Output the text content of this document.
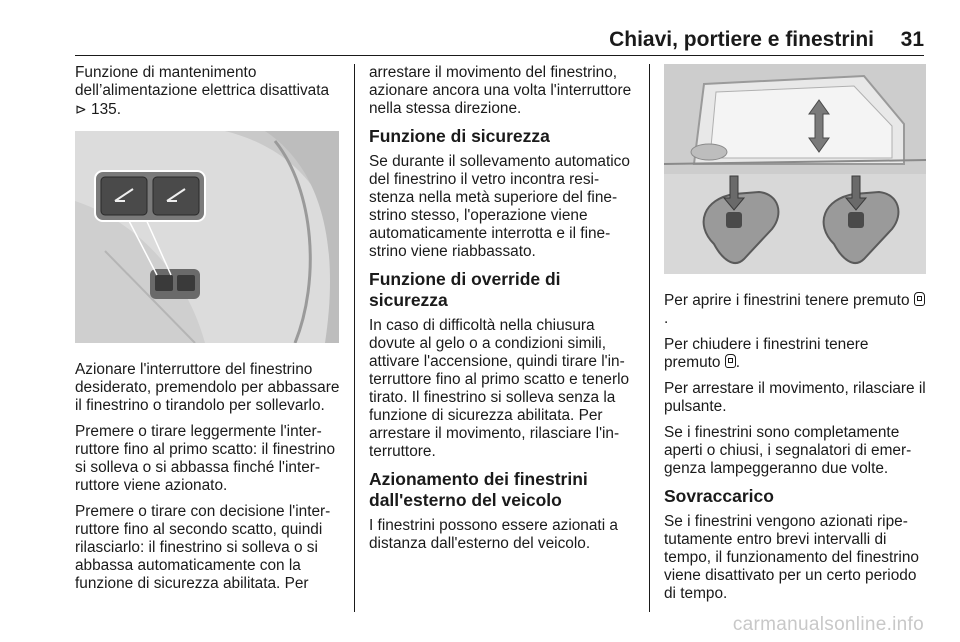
Chiavi, portiere e finestrini 31

Funzione di mantenimento
dell’alimentazione elettrica disattivata
⊳ 135.

Azionare l'interruttore del finestrino desiderato, premendolo per abbassare il finestrino o tirandolo per sollevarlo.

Premere o tirare leggermente l'interruttore fino al primo scatto: il finestrino si solleva o si abbassa finché l'interruttore viene azionato.

Premere o tirare con decisione l'interruttore fino al secondo scatto, quindi rilasciarlo: il finestrino si solleva o si abbassa automaticamente con la funzione di sicurezza abilitata. Per

arrestare il movimento del finestrino, azionare ancora una volta l'interruttore nella stessa direzione.

Funzione di sicurezza

Se durante il sollevamento automatico del finestrino il vetro incontra resistenza nella metà superiore del finestrino stesso, l'operazione viene automaticamente interrotta e il finestrino viene riabbassato.

Funzione di override di sicurezza

In caso di difficoltà nella chiusura dovute al gelo o a condizioni simili, attivare l'accensione, quindi tirare l'interruttore fino al primo scatto e tenerlo tirato. Il finestrino si solleva senza la funzione di sicurezza abilitata. Per arrestare il movimento, rilasciare l'interruttore.

Azionamento dei finestrini
dall'esterno del veicolo

I finestrini possono essere azionati a distanza dall'esterno del veicolo.

Per aprire i finestrini tenere premuto .

Per chiudere i finestrini tenere premuto .

Per arrestare il movimento, rilasciare il pulsante.

Se i finestrini sono completamente aperti o chiusi, i segnalatori di emergenza lampeggeranno due volte.

Sovraccarico

Se i finestrini vengono azionati ripetutamente entro brevi intervalli di tempo, il funzionamento del finestrino viene disattivato per un certo periodo di tempo.

carmanualsonline.info
